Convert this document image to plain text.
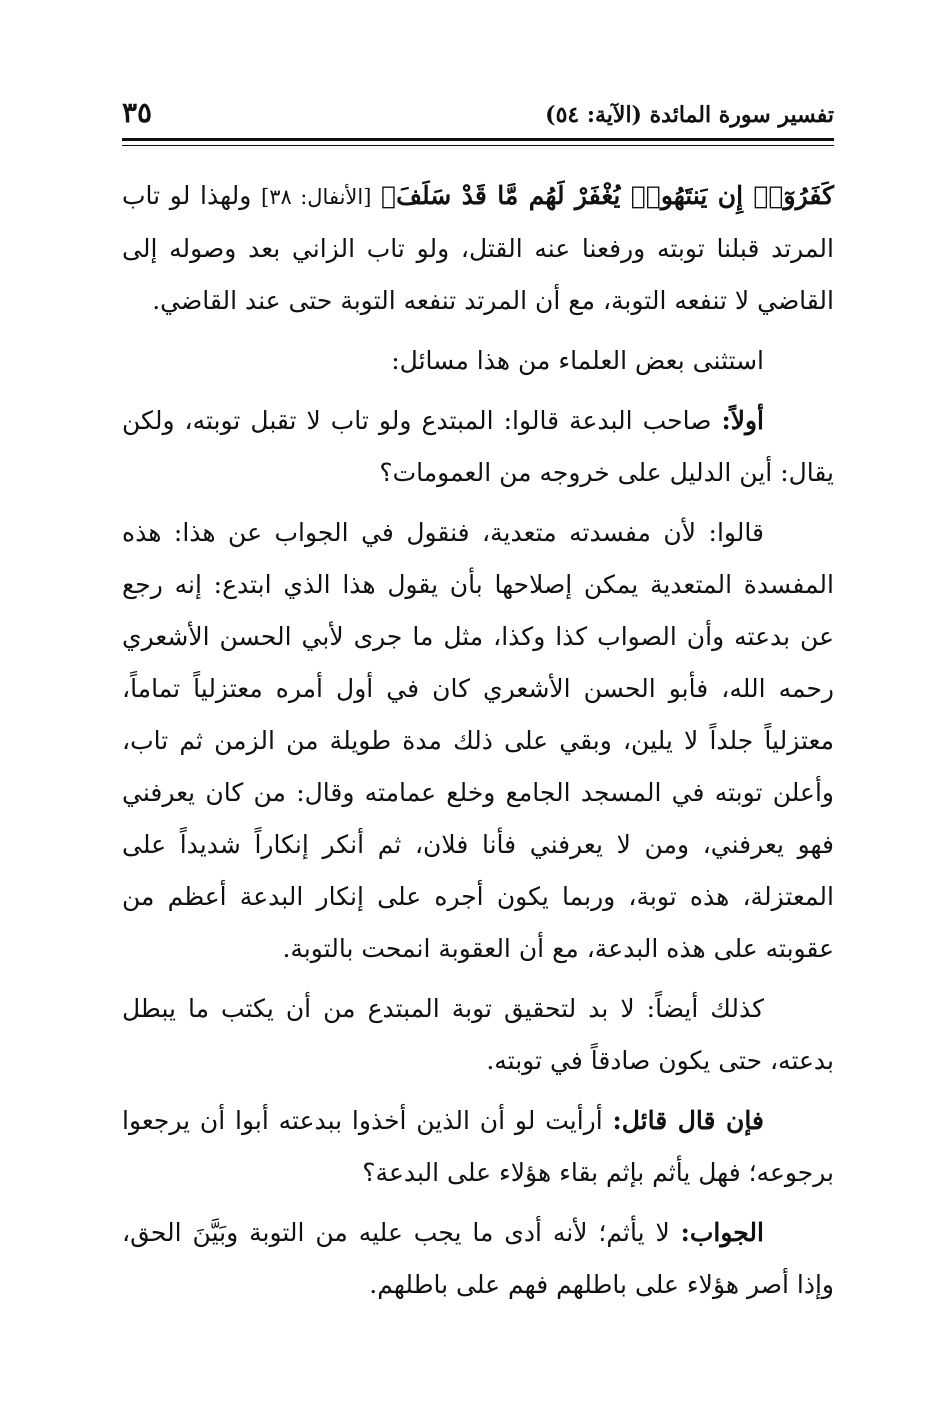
تفسير سورة المائدة (الآية: ٥٤)
٣٥

كَفَرُوٓا۟ إِن يَنتَهُوا۟ يُغْفَرْ لَهُم مَّا قَدْ سَلَفَ﴾ [الأنفال: ٣٨] ولهذا لو تاب المرتد قبلنا توبته ورفعنا عنه القتل، ولو تاب الزاني بعد وصوله إلى القاضي لا تنفعه التوبة، مع أن المرتد تنفعه التوبة حتى عند القاضي.

استثنى بعض العلماء من هذا مسائل:

أولاً: صاحب البدعة قالوا: المبتدع ولو تاب لا تقبل توبته، ولكن يقال: أين الدليل على خروجه من العمومات؟

قالوا: لأن مفسدته متعدية، فنقول في الجواب عن هذا: هذه المفسدة المتعدية يمكن إصلاحها بأن يقول هذا الذي ابتدع: إنه رجع عن بدعته وأن الصواب كذا وكذا، مثل ما جرى لأبي الحسن الأشعري رحمه الله، فأبو الحسن الأشعري كان في أول أمره معتزلياً تماماً، معتزلياً جلداً لا يلين، وبقي على ذلك مدة طويلة من الزمن ثم تاب، وأعلن توبته في المسجد الجامع وخلع عمامته وقال: من كان يعرفني فهو يعرفني، ومن لا يعرفني فأنا فلان، ثم أنكر إنكاراً شديداً على المعتزلة، هذه توبة، وربما يكون أجره على إنكار البدعة أعظم من عقوبته على هذه البدعة، مع أن العقوبة انمحت بالتوبة.

كذلك أيضاً: لا بد لتحقيق توبة المبتدع من أن يكتب ما يبطل بدعته، حتى يكون صادقاً في توبته.

فإن قال قائل: أرأيت لو أن الذين أخذوا ببدعته أبوا أن يرجعوا برجوعه؛ فهل يأثم بإثم بقاء هؤلاء على البدعة؟

الجواب: لا يأثم؛ لأنه أدى ما يجب عليه من التوبة وبَيَّنَ الحق، وإذا أصر هؤلاء على باطلهم فهم على باطلهم.
